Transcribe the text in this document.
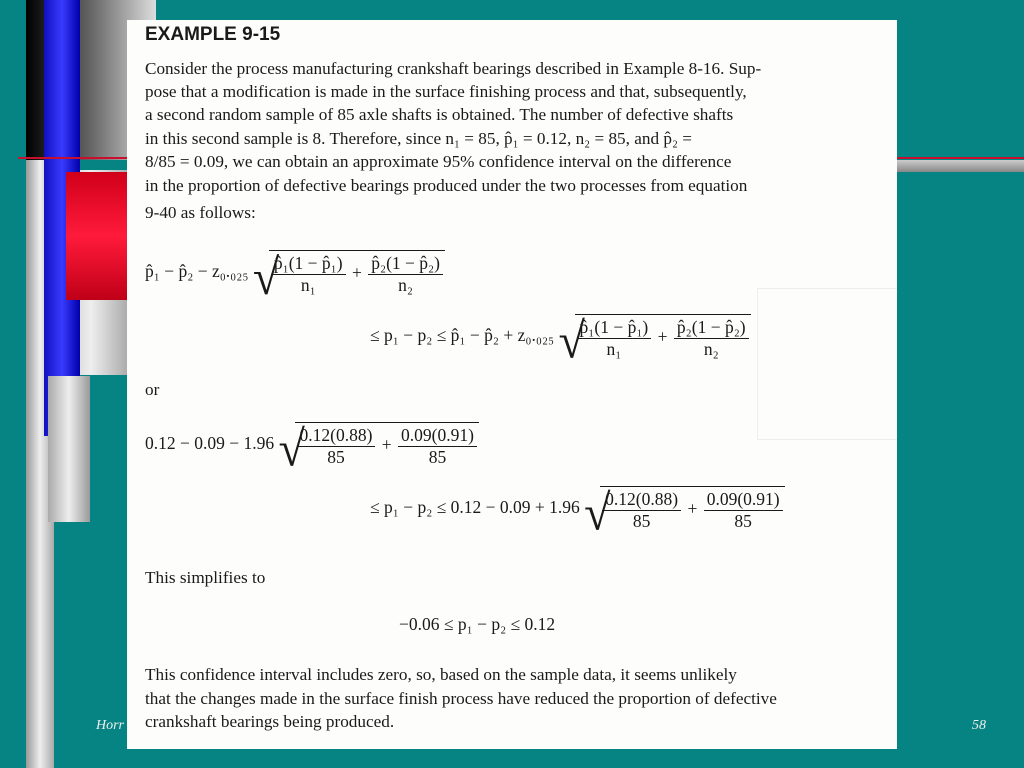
Horr	58
EXAMPLE 9-15
Consider the process manufacturing crankshaft bearings described in Example 8-16. Sup-
pose that a modification is made in the surface finishing process and that, subsequently,
a second random sample of 85 axle shafts is obtained. The number of defective shafts
in this second sample is 8. Therefore, since n₁ = 85, p̂₁ = 0.12, n₂ = 85, and p̂₂ =
8/85 = 0.09, we can obtain an approximate 95% confidence interval on the difference
in the proportion of defective bearings produced under the two processes from equation
9-40 as follows:
p̂₁ − p̂₂ − z₀.₀₂₅ √
$\frac{\text{p̂₁(1 − p̂₁)}}{\text{n₁}} + \frac{\text{p̂₂(1 − p̂₂)}}{\text{n₂}}$
≤ p₁ − p₂ ≤ p̂₁ − p̂₂ + z₀.₀₂₅ √
$\frac{\text{p̂₁(1 − p̂₁)}}{\text{n₁}} + \frac{\text{p̂₂(1 − p̂₂)}}{\text{n₂}}$
or
0.12 − 0.09 − 1.96 √
$\frac{0.12(0.88)}{85} + \frac{0.09(0.91)}{85}$
≤ p₁ − p₂ ≤ 0.12 − 0.09 + 1.96 √
$\frac{0.12(0.88)}{85} + \frac{0.09(0.91)}{85}$
This simplifies to
−0.06 ≤ p₁ − p₂ ≤ 0.12
This confidence interval includes zero, so, based on the sample data, it seems unlikely
that the changes made in the surface finish process have reduced the proportion of defective
crankshaft bearings being produced.
